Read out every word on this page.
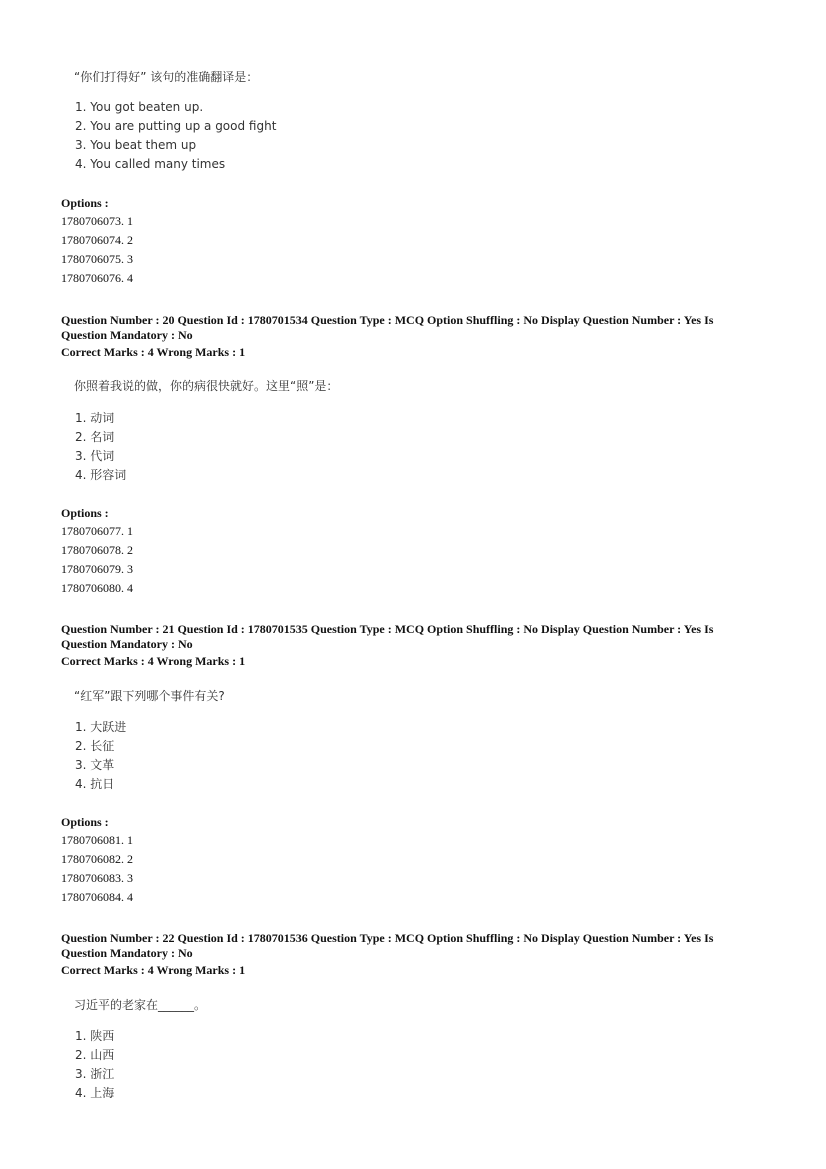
“你们打得好” 该句的准确翻译是：
1. You got beaten up.
2. You are putting up a good fight
3. You beat them up
4. You called many times
Options :
1780706073. 1
1780706074. 2
1780706075. 3
1780706076. 4
Question Number : 20 Question Id : 1780701534 Question Type : MCQ Option Shuffling : No Display Question Number : Yes Is
Question Mandatory : No
Correct Marks : 4 Wrong Marks : 1
你照着我说的做，你的病很快就好。这里“照”是：
1. 动词
2. 名词
3. 代词
4. 形容词
Options :
1780706077. 1
1780706078. 2
1780706079. 3
1780706080. 4
Question Number : 21 Question Id : 1780701535 Question Type : MCQ Option Shuffling : No Display Question Number : Yes Is
Question Mandatory : No
Correct Marks : 4 Wrong Marks : 1
“红军”跟下列哪个事件有关?
1. 大跃进
2. 长征
3. 文革
4. 抗日
Options :
1780706081. 1
1780706082. 2
1780706083. 3
1780706084. 4
Question Number : 22 Question Id : 1780701536 Question Type : MCQ Option Shuffling : No Display Question Number : Yes Is
Question Mandatory : No
Correct Marks : 4 Wrong Marks : 1
习近平的老家在______。
1. 陕西
2. 山西
3. 浙江
4. 上海
